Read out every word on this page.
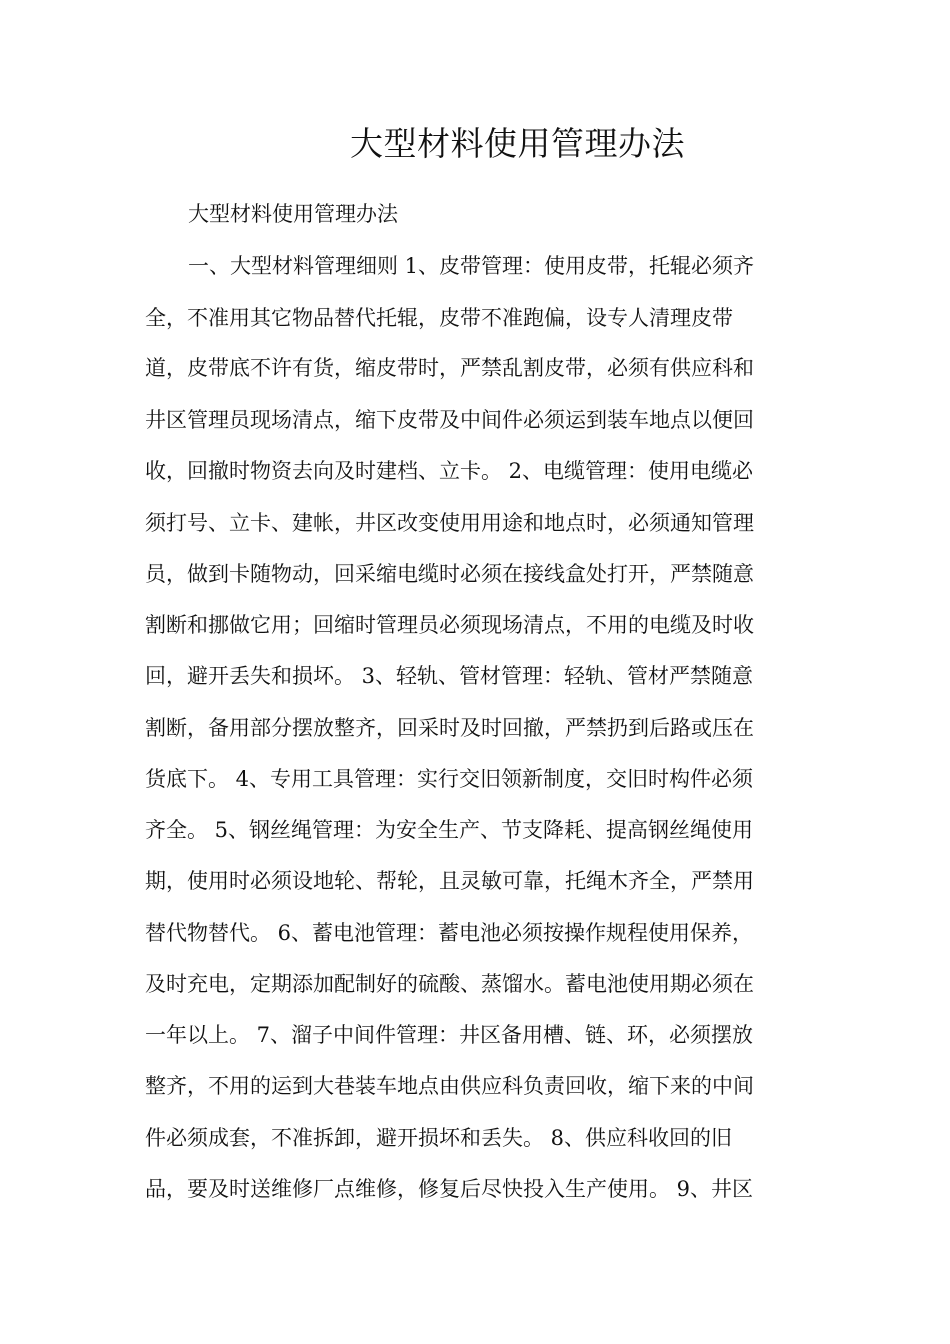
大型材料使用管理办法

大型材料使用管理办法

一、大型材料管理细则 1、皮带管理：使用皮带，托辊必须齐

全，不准用其它物品替代托辊，皮带不准跑偏，设专人清理皮带

道，皮带底不许有货，缩皮带时，严禁乱割皮带，必须有供应科和

井区管理员现场清点，缩下皮带及中间件必须运到装车地点以便回

收，回撤时物资去向及时建档、立卡。 2、电缆管理：使用电缆必

须打号、立卡、建帐，井区改变使用用途和地点时，必须通知管理

员，做到卡随物动，回采缩电缆时必须在接线盒处打开，严禁随意

割断和挪做它用；回缩时管理员必须现场清点，不用的电缆及时收

回，避开丢失和损坏。 3、轻轨、管材管理：轻轨、管材严禁随意

割断，备用部分摆放整齐，回采时及时回撤，严禁扔到后路或压在

货底下。 4、专用工具管理：实行交旧领新制度，交旧时构件必须

齐全。 5、钢丝绳管理：为安全生产、节支降耗、提高钢丝绳使用

期，使用时必须设地轮、帮轮，且灵敏可靠，托绳木齐全，严禁用

替代物替代。 6、蓄电池管理：蓄电池必须按操作规程使用保养，

及时充电，定期添加配制好的硫酸、蒸馏水。蓄电池使用期必须在

一年以上。 7、溜子中间件管理：井区备用槽、链、环，必须摆放

整齐，不用的运到大巷装车地点由供应科负责回收，缩下来的中间

件必须成套，不准拆卸，避开损坏和丢失。 8、供应科收回的旧

品，要及时送维修厂点维修，修复后尽快投入生产使用。 9、井区
